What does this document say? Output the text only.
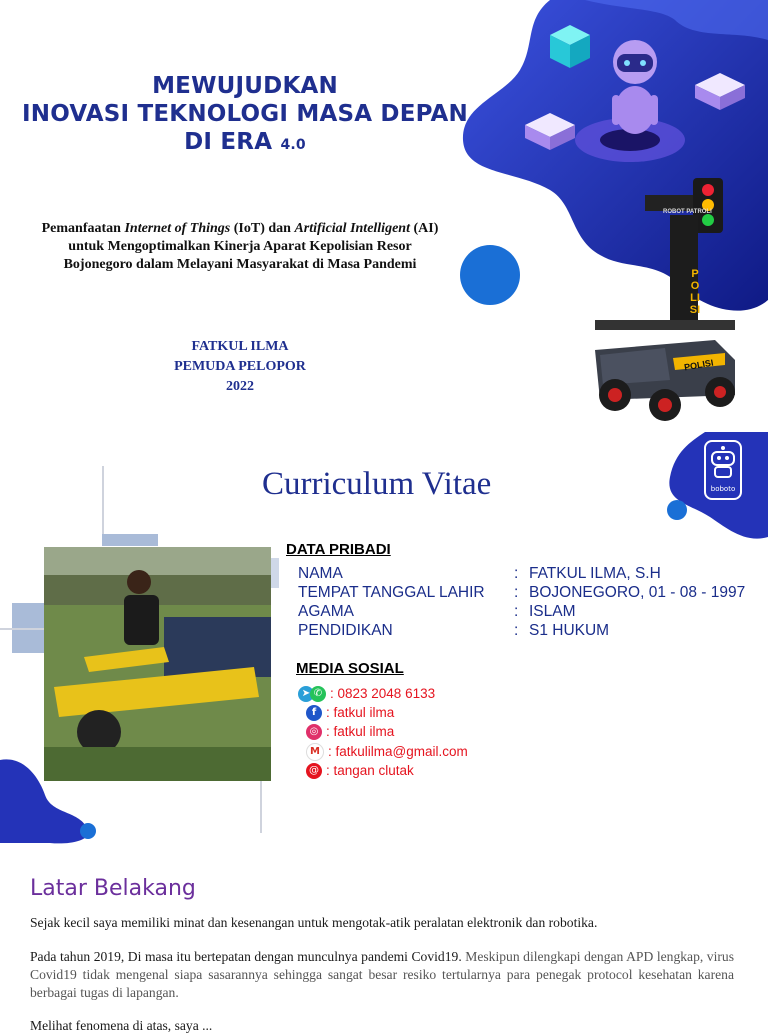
ROBOT PATROLI
POLISI
POLISI
MEWUJUDKAN
INOVASI TEKNOLOGI MASA DEPAN
DI ERA 4.0
Pemanfaatan Internet of Things (IoT) dan Artificial Intelligent (AI) untuk Mengoptimalkan Kinerja Aparat Kepolisian Resor Bojonegoro dalam Melayani Masyarakat di Masa Pandemi
FATKUL ILMA
PEMUDA PELOPOR
2022
boboto
Curriculum Vitae
DATA PRIBADI
NAMA	: FATKUL ILMA, S.H
TEMPAT TANGGAL LAHIR : BOJONEGORO, 01 - 08 - 1997
AGAMA	: ISLAM
PENDIDIKAN	: S1 HUKUM
MEDIA SOSIAL
➤ ✆ : 0823 2048 6133
f : fatkul ilma
◎ : fatkul ilma
M : fatkulilma@gmail.com
@ : tangan clutak
Latar Belakang
Sejak kecil saya memiliki minat dan kesenangan untuk mengotak-atik peralatan elektronik dan robotika.
Pada tahun 2019, Di masa itu bertepatan dengan munculnya pandemi Covid19. Meskipun dilengkapi dengan APD lengkap, virus Covid19 tidak mengenal siapa sasarannya sehingga sangat besar resiko tertularnya para penegak protocol kesehatan karena berbagai tugas di lapangan.
Melihat fenomena di atas, saya ...
